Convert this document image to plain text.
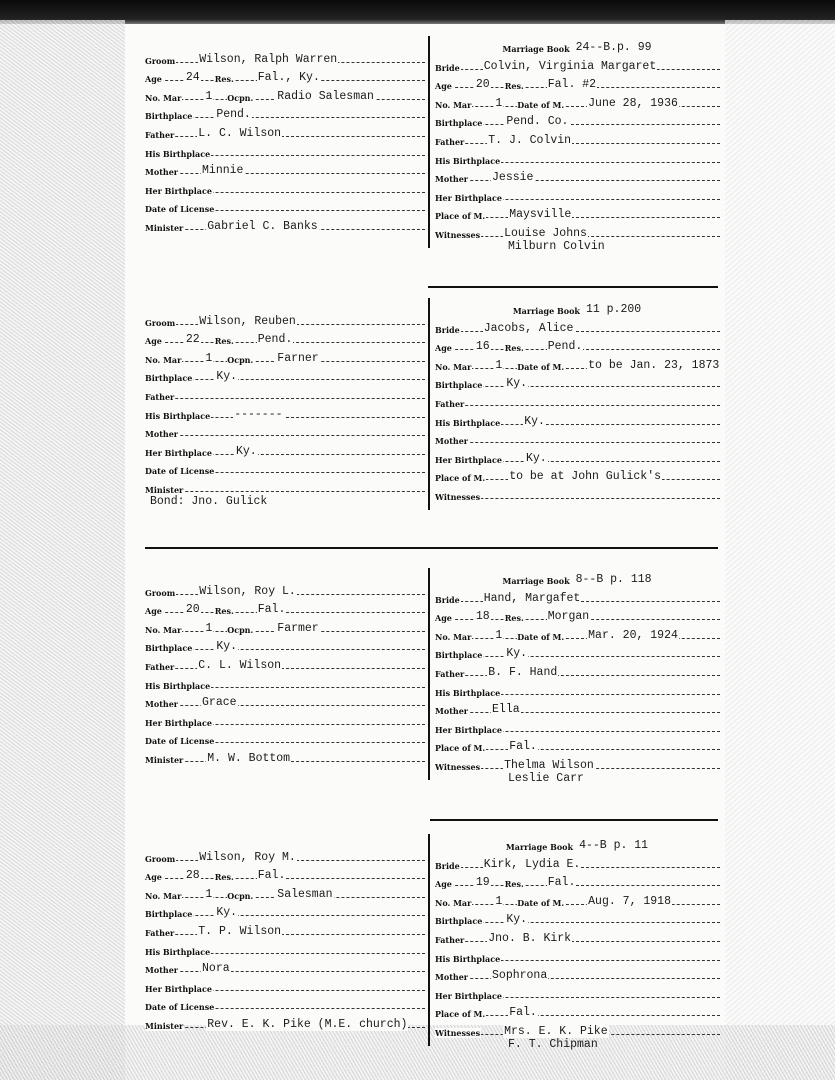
Groom Wilson, Ralph Warren
Age 24 Res. Fal., Ky.
No. Mar 1 Ocpn. Radio Salesman
Birthplace Pend.
Father L. C. Wilson
His Birthplace
Mother Minnie
Her Birthplace
Date of License
Minister Gabriel C. Banks
Marriage Book 24--B.p. 99
Bride Colvin, Virginia Margaret
Age 20 Res. Fal. #2
No. Mar 1 Date of M. June 28, 1936
Birthplace Pend. Co.
Father T. J. Colvin
His Birthplace
Mother Jessie
Her Birthplace
Place of M. Maysville
Witnesses Louise Johns
Milburn Colvin
Groom Wilson, Reuben
Age 22 Res. Pend.
No. Mar 1 Ocpn. Farner
Birthplace Ky.
Father
His Birthplace -------
Mother
Her Birthplace Ky.
Date of License
Minister
Bond: Jno. Gulick
Marriage Book 11 p.200
Bride Jacobs, Alice
Age 16 Res. Pend.
No. Mar 1 Date of M. to be Jan. 23, 1873
Birthplace Ky.
Father
His Birthplace Ky.
Mother
Her Birthplace Ky.
Place of M. to be at John Gulick's
Witnesses
Groom Wilson, Roy L.
Age 20 Res. Fal.
No. Mar 1 Ocpn. Farmer
Birthplace Ky.
Father C. L. Wilson
His Birthplace
Mother Grace
Her Birthplace
Date of License
Minister M. W. Bottom
Marriage Book 8--B p. 118
Bride Hand, Margafet
Age 18 Res. Morgan
No. Mar 1 Date of M. Mar. 20, 1924
Birthplace Ky.
Father B. F. Hand
His Birthplace
Mother Ella
Her Birthplace
Place of M. Fal.
Witnesses Thelma Wilson
Leslie Carr
Groom Wilson, Roy M.
Age 28 Res. Fal.
No. Mar 1 Ocpn. Salesman
Birthplace Ky.
Father T. P. Wilson
His Birthplace
Mother Nora
Her Birthplace
Date of License
Minister Rev. E. K. Pike (M.E. church)
Marriage Book 4--B p. 11
Bride Kirk, Lydia E.
Age 19 Res. Fal.
No. Mar 1 Date of M. Aug. 7, 1918
Birthplace Ky.
Father Jno. B. Kirk
His Birthplace
Mother Sophrona
Her Birthplace
Place of M. Fal.
Witnesses Mrs. E. K. Pike
F. T. Chipman
